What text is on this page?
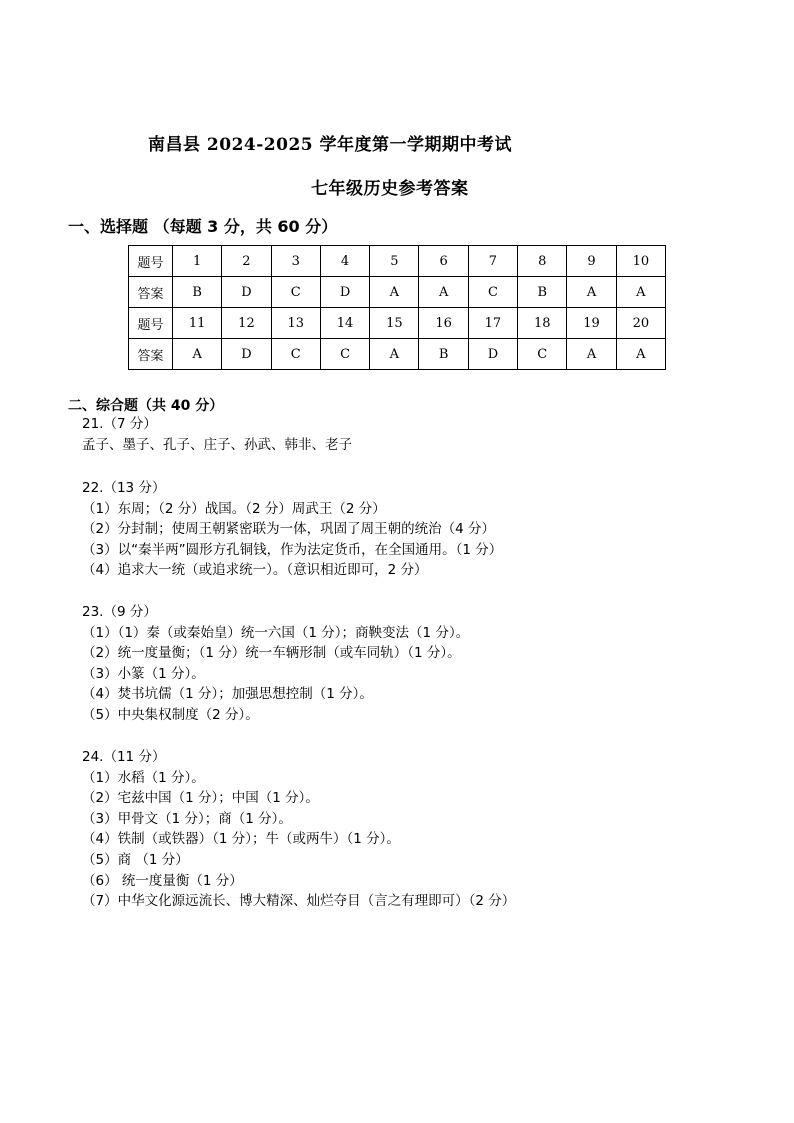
南昌县 2024-2025 学年度第一学期期中考试
七年级历史参考答案
一、选择题 （每题 3 分，共 60 分）
题号	1	2	3	4	5	6	7	8	9	10
答案	B	D	C	D	A	A	C	B	A	A
题号	11	12	13	14	15	16	17	18	19	20
答案	A	D	C	C	A	B	D	C	A	A
二、综合题（共 40 分）
21.（7 分）
孟子、墨子、孔子、庄子、孙武、韩非、老子
22.（13 分）
（1）东周；（2 分）战国。（2 分）周武王（2 分）
（2）分封制；使周王朝紧密联为一体，巩固了周王朝的统治（4 分）
（3）以“秦半两”圆形方孔铜钱，作为法定货币，在全国通用。（1 分）
（4）追求大一统（或追求统一）。（意识相近即可，2 分）
23.（9 分）
（1）（1）秦（或秦始皇）统一六国（1 分）；商鞅变法（1 分）。
（2）统一度量衡；（1 分）统一车辆形制（或车同轨）（1 分）。
（3）小篆（1 分）。
（4）焚书坑儒（1 分）；加强思想控制（1 分）。
（5）中央集权制度（2 分）。
24.（11 分）
（1）水稻（1 分）。
（2）宅兹中国（1 分）；中国（1 分）。
（3）甲骨文（1 分）；商（1 分）。
（4）铁制（或铁器）（1 分）；牛（或两牛）（1 分）。
（5）商 （1 分）
（6） 统一度量衡（1 分）
（7）中华文化源远流长、博大精深、灿烂夺目（言之有理即可）（2 分）
